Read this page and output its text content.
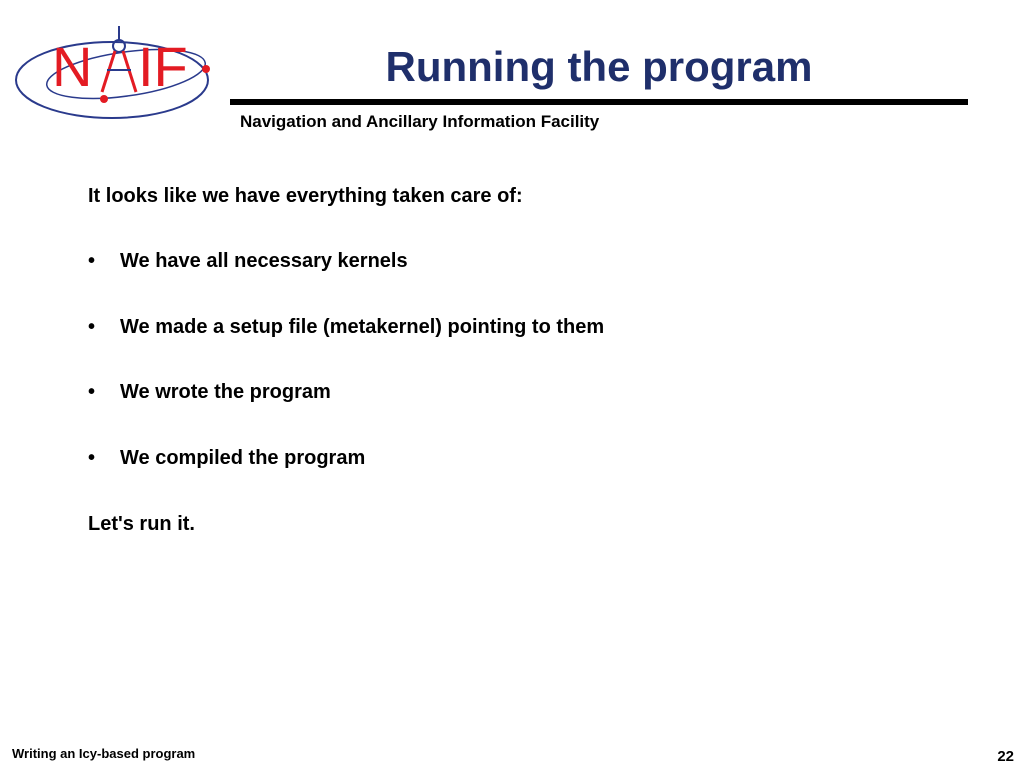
N IF	Running the program
Navigation and Ancillary Information Facility
It looks like we have everything taken care of:
• We have all necessary kernels
• We made a setup file (metakernel) pointing to them
• We wrote the program
• We compiled the program
Let's run it.
Writing an Icy-based program	22
